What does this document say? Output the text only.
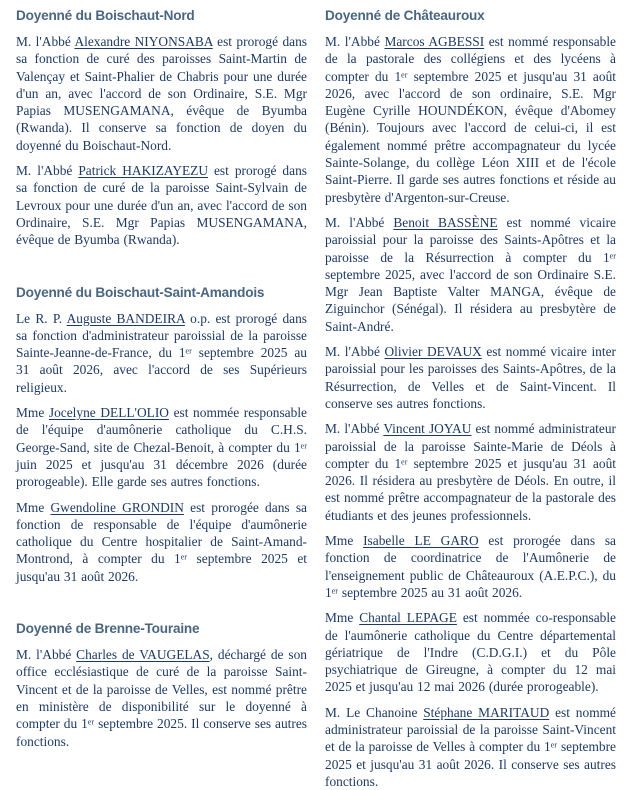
Doyenné du Boischaut-Nord

M. l'Abbé Alexandre NIYONSABA est prorogé dans sa fonction de curé des paroisses Saint-Martin de Valençay et Saint-Phalier de Chabris pour une durée d'un an, avec l'accord de son Ordinaire, S.E. Mgr Papias MUSENGAMANA, évêque de Byumba (Rwanda). Il conserve sa fonction de doyen du doyenné du Boischaut-Nord.

M. l'Abbé Patrick HAKIZAYEZU est prorogé dans sa fonction de curé de la paroisse Saint-Sylvain de Levroux pour une durée d'un an, avec l'accord de son Ordinaire, S.E. Mgr Papias MUSENGAMANA, évêque de Byumba (Rwanda).

Doyenné du Boischaut-Saint-Amandois

Le R. P. Auguste BANDEIRA o.p. est prorogé dans sa fonction d'administrateur paroissial de la paroisse Sainte-Jeanne-de-France, du 1ᵉʳ septembre 2025 au 31 août 2026, avec l'accord de ses Supérieurs religieux.

Mme Jocelyne DELL'OLIO est nommée responsable de l'équipe d'aumônerie catholique du C.H.S. George-Sand, site de Chezal-Benoit, à compter du 1ᵉʳ juin 2025 et jusqu'au 31 décembre 2026 (durée prorogeable). Elle garde ses autres fonctions.

Mme Gwendoline GRONDIN est prorogée dans sa fonction de responsable de l'équipe d'aumônerie catholique du Centre hospitalier de Saint-Amand-Montrond, à compter du 1ᵉʳ septembre 2025 et jusqu'au 31 août 2026.

Doyenné de Brenne-Touraine

M. l'Abbé Charles de VAUGELAS, déchargé de son office ecclésiastique de curé de la paroisse Saint-Vincent et de la paroisse de Velles, est nommé prêtre en ministère de disponibilité sur le doyenné à compter du 1ᵉʳ septembre 2025. Il conserve ses autres fonctions.

Doyenné de Châteauroux

M. l'Abbé Marcos AGBESSI est nommé responsable de la pastorale des collégiens et des lycéens à compter du 1ᵉʳ septembre 2025 et jusqu'au 31 août 2026, avec l'accord de son ordinaire, S.E. Mgr Eugène Cyrille HOUNDÉKON, évêque d'Abomey (Bénin). Toujours avec l'accord de celui-ci, il est également nommé prêtre accompagnateur du lycée Sainte-Solange, du collège Léon XIII et de l'école Saint-Pierre. Il garde ses autres fonctions et réside au presbytère d'Argenton-sur-Creuse.

M. l'Abbé Benoit BASSÈNE est nommé vicaire paroissial pour la paroisse des Saints-Apôtres et la paroisse de la Résurrection à compter du 1ᵉʳ septembre 2025, avec l'accord de son Ordinaire S.E. Mgr Jean Baptiste Valter MANGA, évêque de Ziguinchor (Sénégal). Il résidera au presbytère de Saint-André.

M. l'Abbé Olivier DEVAUX est nommé vicaire inter paroissial pour les paroisses des Saints-Apôtres, de la Résurrection, de Velles et de Saint-Vincent. Il conserve ses autres fonctions.

M. l'Abbé Vincent JOYAU est nommé administrateur paroissial de la paroisse Sainte-Marie de Déols à compter du 1ᵉʳ septembre 2025 et jusqu'au 31 août 2026. Il résidera au presbytère de Déols. En outre, il est nommé prêtre accompagnateur de la pastorale des étudiants et des jeunes professionnels.

Mme Isabelle LE GARO est prorogée dans sa fonction de coordinatrice de l'Aumônerie de l'enseignement public de Châteauroux (A.E.P.C.), du 1ᵉʳ septembre 2025 au 31 août 2026.

Mme Chantal LEPAGE est nommée co-responsable de l'aumônerie catholique du Centre départemental gériatrique de l'Indre (C.D.G.I.) et du Pôle psychiatrique de Gireugne, à compter du 12 mai 2025 et jusqu'au 12 mai 2026 (durée prorogeable).

M. Le Chanoine Stéphane MARITAUD est nommé administrateur paroissial de la paroisse Saint-Vincent et de la paroisse de Velles à compter du 1ᵉʳ septembre 2025 et jusqu'au 31 août 2026. Il conserve ses autres fonctions.
